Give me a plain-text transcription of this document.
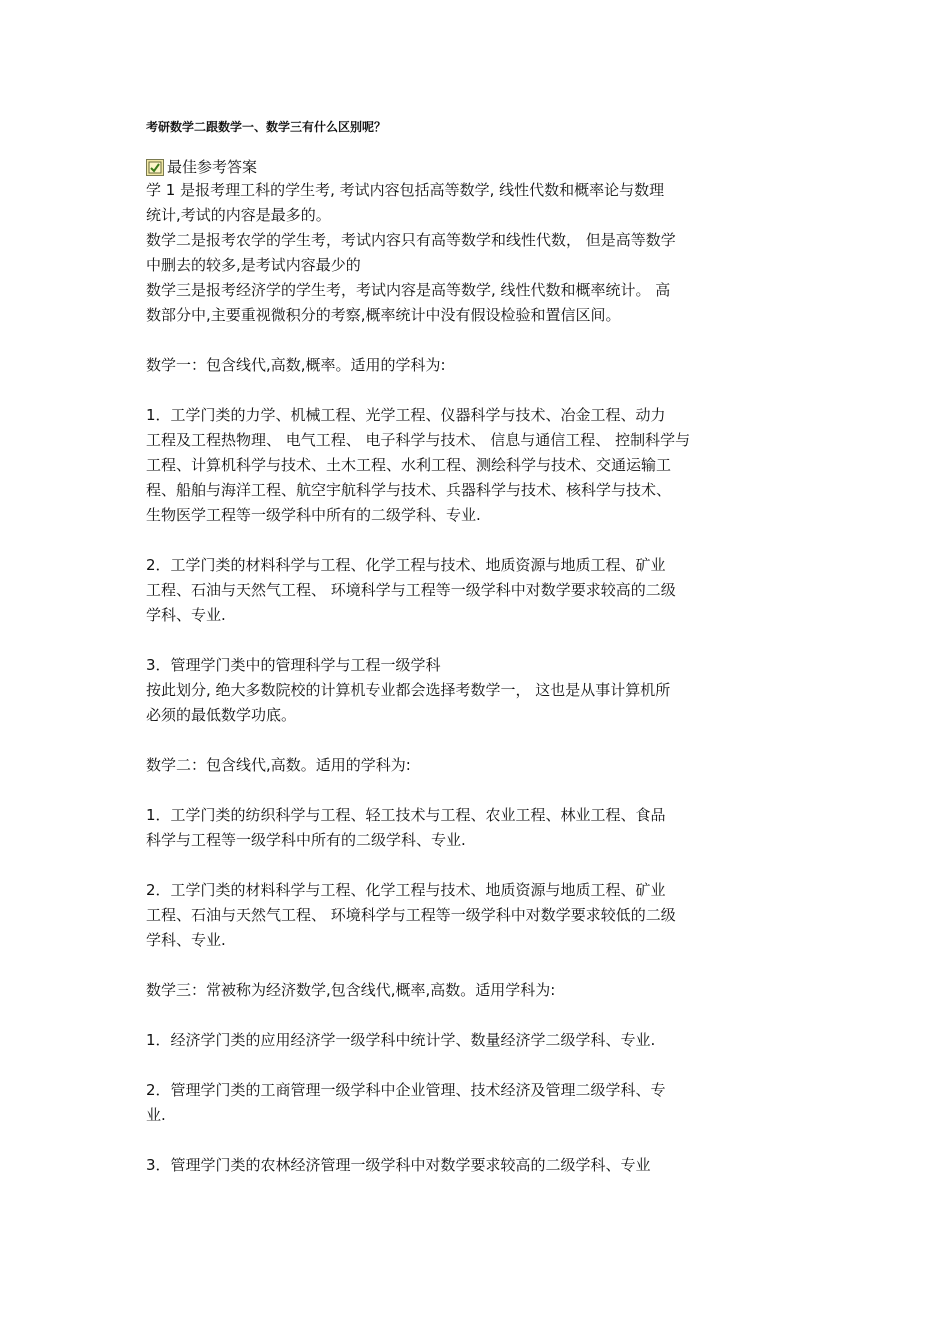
考研数学二跟数学一、数学三有什么区别呢？
最佳参考答案

学 1 是报考理工科的学生考, 考试内容包括高等数学, 线性代数和概率论与数理

统计,考试的内容是最多的。

数学二是报考农学的学生考，考试内容只有高等数学和线性代数， 但是高等数学

中删去的较多,是考试内容最少的

数学三是报考经济学的学生考，考试内容是高等数学, 线性代数和概率统计。 高

数部分中,主要重视微积分的考察,概率统计中没有假设检验和置信区间。

数学一：包含线代,高数,概率。适用的学科为:

1．工学门类的力学、机械工程、光学工程、仪器科学与技术、冶金工程、动力

工程及工程热物理、 电气工程、 电子科学与技术、 信息与通信工程、 控制科学与

工程、计算机科学与技术、土木工程、水利工程、测绘科学与技术、交通运输工

程、船舶与海洋工程、航空宇航科学与技术、兵器科学与技术、核科学与技术、

生物医学工程等一级学科中所有的二级学科、专业.

2．工学门类的材料科学与工程、化学工程与技术、地质资源与地质工程、矿业

工程、石油与天然气工程、 环境科学与工程等一级学科中对数学要求较高的二级

学科、专业.

3．管理学门类中的管理科学与工程一级学科

按此划分, 绝大多数院校的计算机专业都会选择考数学一， 这也是从事计算机所

必须的最低数学功底。

数学二：包含线代,高数。适用的学科为:

1．工学门类的纺织科学与工程、轻工技术与工程、农业工程、林业工程、食品

科学与工程等一级学科中所有的二级学科、专业.

2．工学门类的材料科学与工程、化学工程与技术、地质资源与地质工程、矿业

工程、石油与天然气工程、 环境科学与工程等一级学科中对数学要求较低的二级

学科、专业.

数学三：常被称为经济数学,包含线代,概率,高数。适用学科为:

1．经济学门类的应用经济学一级学科中统计学、数量经济学二级学科、专业.

2．管理学门类的工商管理一级学科中企业管理、技术经济及管理二级学科、专

业.

3．管理学门类的农林经济管理一级学科中对数学要求较高的二级学科、专业
